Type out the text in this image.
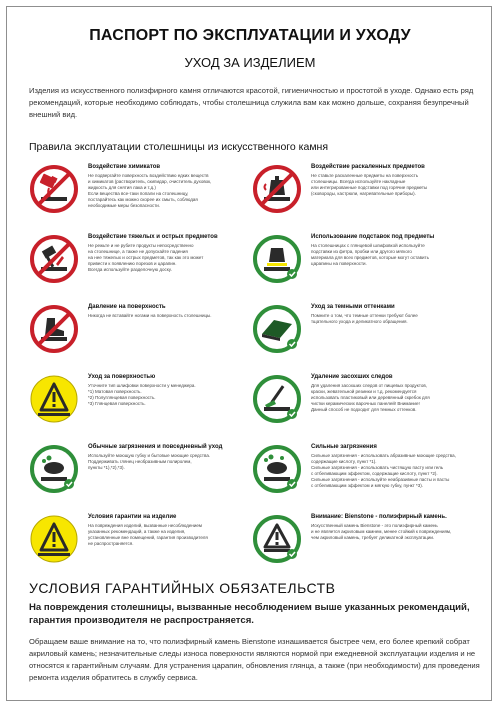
ПАСПОРТ ПО ЭКСПЛУАТАЦИИ И УХОДУ
УХОД ЗА ИЗДЕЛИЕМ
Изделия из искусственного полиэфирного камня отличаются красотой, гигиеничностью и простотой в уходе. Однако есть ряд рекомендаций, которые необходимо соблюдать, чтобы столешница служила вам как можно дольше, сохраняя безупречный внешний вид.
Правила эксплуатации столешницы из искусственного камня
Воздействие химикатов
Не подвергайте поверхность воздействию едких веществ
и химикатов (растворитель, скипидар, очиститель духовок,
жидкость для снятия лака и т.д.)
Если вещества все-таки попали на столешницу,
постарайтесь как можно скорее их смыть, соблюдая
необходимые меры безопасности.
Воздействие тяжелых и острых предметов
Не режьте и не рубите продукты непосредственно
на столешнице, а также не допускайте падения
на нее тяжелых и острых предметов, так как это может
привести к появлению порезов и царапин.
Всегда используйте разделочную доску.
Давление на поверхность
Никогда не вставайте ногами на поверхность столешницы.
Уход за поверхностью
Уточните тип шлифовки поверхности у менеджера.
*1) Матовая поверхность.
*2) Полуглянцевая поверхность.
*3) Глянцевая поверхность.
Обычные загрязнения и повседневный уход
Используйте моющую губку и бытовые моющие средства.
Поддерживать глянец необразивным полиролем,
пункты *1),*2),*3).
Условия гарантии на изделие
На повреждения изделий, вызванные несоблюдением
указанных рекомендаций, а также на изделия,
установленные вне помещений, гарантия производителя
не распространяется.
Воздействие раскаленных предметов
Не ставьте раскаленные предметы на поверхность
столешницы. Всегда используйте накладные
или интегрированные подставки под горячие предметы
(сковороды, кастрюли, нагревательные приборы).
Использование подставок под предметы
На столешницах с глянцевой шлифовкой используйте
подставки из фетра, пробки или другого мягкого
материала для всех предметов, которые могут оставить
царапины на поверхности.
Уход за темными оттенками
Помните о том, что темные оттенки требуют более
тщательного ухода и деликатного обращения.
Удаление засохших следов
Для удаления засохших следов от пищевых продуктов,
краски, жевательной резинки и т.д. рекомендуется
использовать пластиковый или деревянный скребок для
чистки керамических варочных панелей! Внимание!
Данный способ не подходит для темных оттенков.
Сильные загрязнения
Сильные загрязнения - использовать абразивные моющие средства,
содержащие кислоту, пункт *1).
Сильные загрязнения - использовать чистящую пасту или гель
с отбеливающим эффектом, содержащие кислоту, пункт *2).
Сильные загрязнения - используйте неабразивные пасты и пасты
с отбеливающим эффектом и мягкую губку, пункт *3).
Внимание: Bienstone - полиэфирный камень.
Искусственный камень Bienstone - это полиэфирный камень
и не является акриловым камнем, менее стойкий к повреждениям,
чем акриловый камень, требует деликатной эксплуатации.
УСЛОВИЯ ГАРАНТИЙНЫХ ОБЯЗАТЕЛЬСТВ
На повреждения столешницы, вызванные несоблюдением выше указанных рекомендаций, гарантия производителя не распространяется.
Обращаем ваше внимание на то, что полиэфирный камень Bienstone изнашивается быстрее чем, его более крепкий собрат акриловый камень; незначительные следы износа поверхности являются нормой при ежедневной эксплуатации изделия и не относятся к гарантийным случаям. Для устранения царапин, обновления глянца, а также (при необходимости) для проведения ремонта изделия обратитесь в службу сервиса.
